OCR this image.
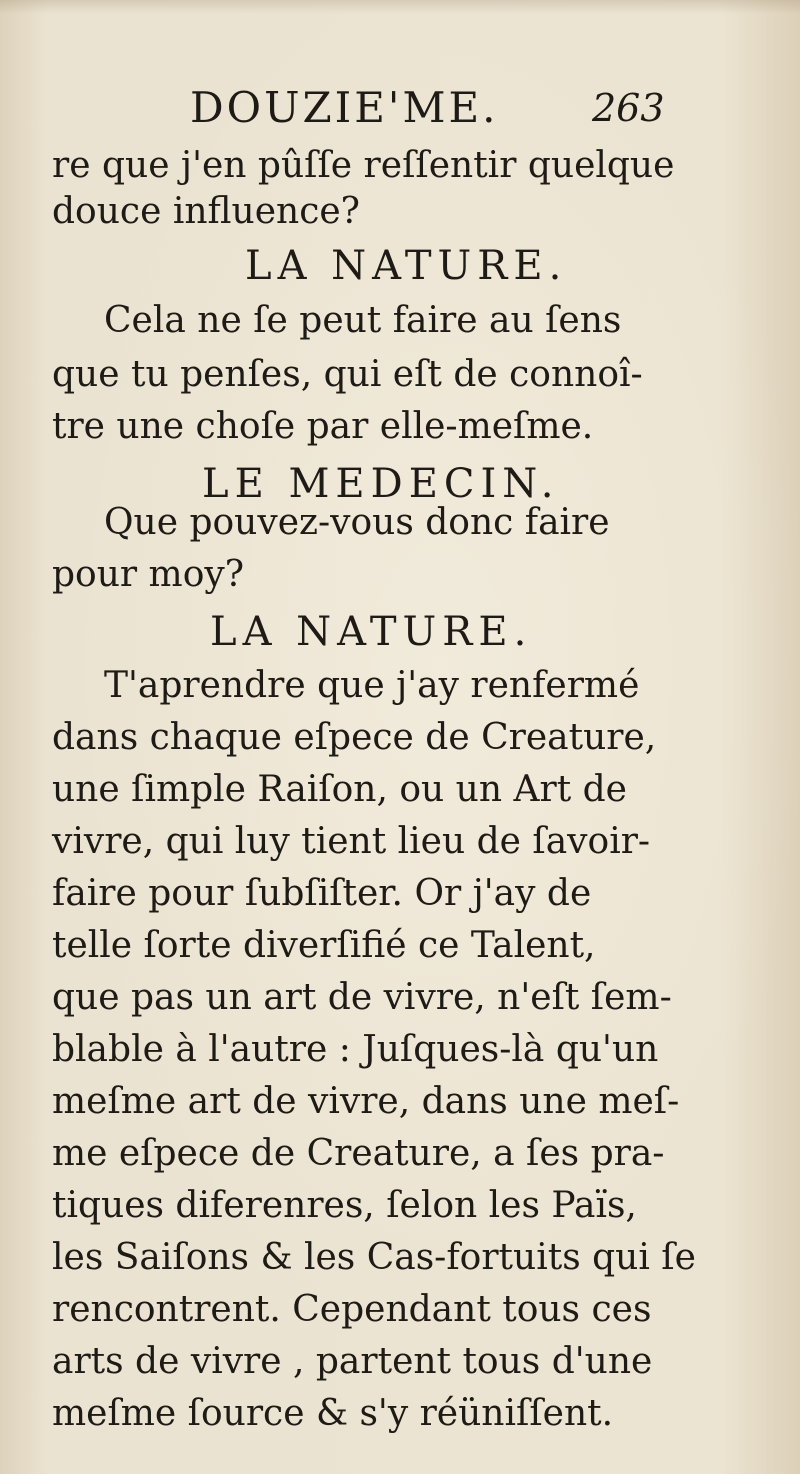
DOUZIE'ME. 263
re que j'en pûſſe reſſentir quelque
douce influence?
LA NATURE.
Cela ne ſe peut faire au ſens
que tu penſes, qui eſt de connoî-
tre une choſe par elle-meſme.
LE MEDECIN.
Que pouvez-vous donc faire
pour moy?
LA NATURE.
T'aprendre que j'ay renfermé
dans chaque eſpece de Creature,
une ſimple Raiſon, ou un Art de
vivre, qui luy tient lieu de ſavoir-
faire pour ſubſiſter. Or j'ay de
telle ſorte diverſifié ce Talent,
que pas un art de vivre, n'eſt ſem-
blable à l'autre : Juſques-là qu'un
meſme art de vivre, dans une meſ-
me eſpece de Creature, a ſes pra-
tiques diferenres, ſelon les Païs,
les Saiſons & les Cas-fortuits qui ſe
rencontrent. Cependant tous ces
arts de vivre , partent tous d'une
meſme ſource & s'y réüniſſent.
